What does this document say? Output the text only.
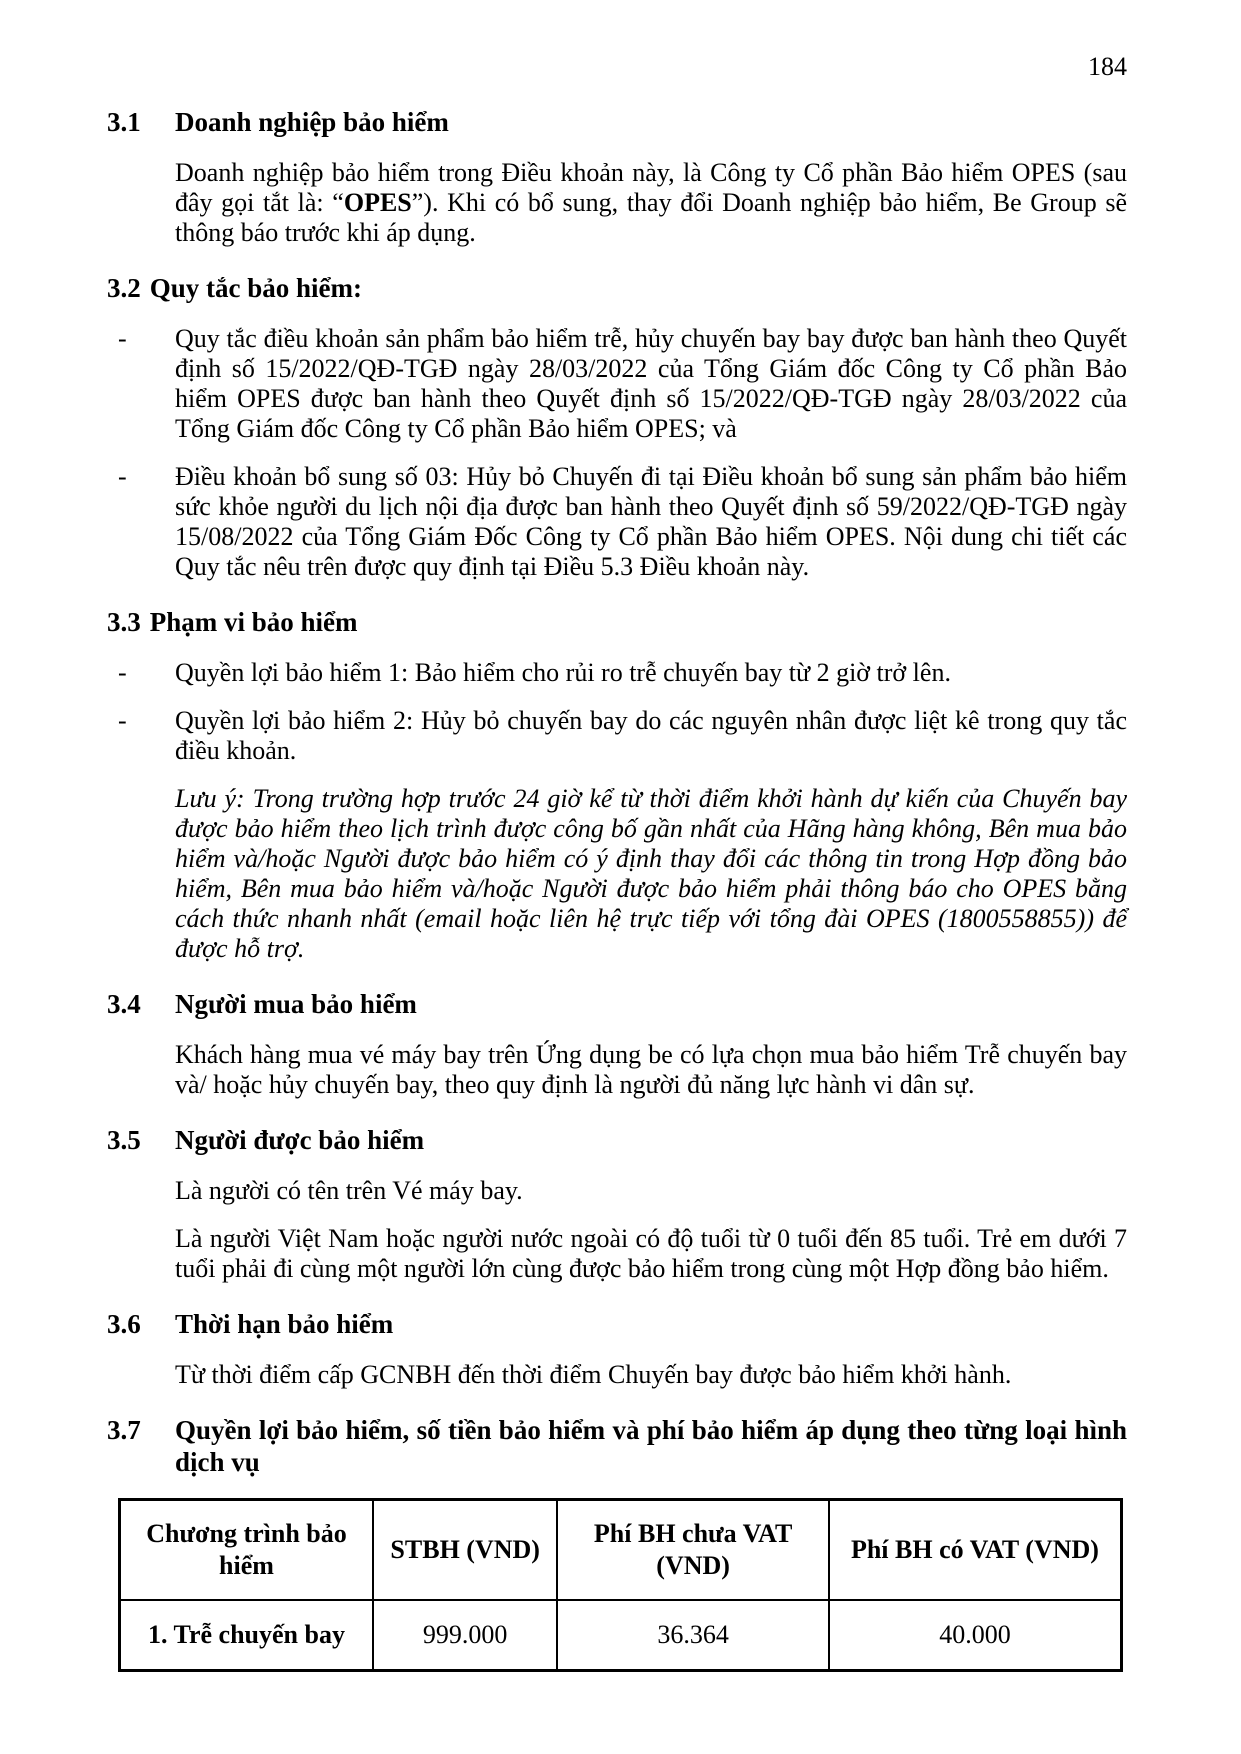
184
3.1 Doanh nghiệp bảo hiểm

Doanh nghiệp bảo hiểm trong Điều khoản này, là Công ty Cổ phần Bảo hiểm OPES (sau đây gọi tắt là: “OPES”). Khi có bổ sung, thay đổi Doanh nghiệp bảo hiểm, Be Group sẽ thông báo trước khi áp dụng.

3.2 Quy tắc bảo hiểm:
- Quy tắc điều khoản sản phẩm bảo hiểm trễ, hủy chuyến bay bay được ban hành theo Quyết định số 15/2022/QĐ-TGĐ ngày 28/03/2022 của Tổng Giám đốc Công ty Cổ phần Bảo hiểm OPES được ban hành theo Quyết định số 15/2022/QĐ-TGĐ ngày 28/03/2022 của Tổng Giám đốc Công ty Cổ phần Bảo hiểm OPES; và
- Điều khoản bổ sung số 03: Hủy bỏ Chuyến đi tại Điều khoản bổ sung sản phẩm bảo hiểm sức khỏe người du lịch nội địa được ban hành theo Quyết định số 59/2022/QĐ-TGĐ ngày 15/08/2022 của Tổng Giám Đốc Công ty Cổ phần Bảo hiểm OPES. Nội dung chi tiết các Quy tắc nêu trên được quy định tại Điều 5.3 Điều khoản này.
3.3 Phạm vi bảo hiểm
- Quyền lợi bảo hiểm 1: Bảo hiểm cho rủi ro trễ chuyến bay từ 2 giờ trở lên.
- Quyền lợi bảo hiểm 2: Hủy bỏ chuyến bay do các nguyên nhân được liệt kê trong quy tắc điều khoản.

Lưu ý: Trong trường hợp trước 24 giờ kể từ thời điểm khởi hành dự kiến của Chuyến bay được bảo hiểm theo lịch trình được công bố gần nhất của Hãng hàng không, Bên mua bảo hiểm và/hoặc Người được bảo hiểm có ý định thay đổi các thông tin trong Hợp đồng bảo hiểm, Bên mua bảo hiểm và/hoặc Người được bảo hiểm phải thông báo cho OPES bằng cách thức nhanh nhất (email hoặc liên hệ trực tiếp với tổng đài OPES (1800558855)) để được hỗ trợ.

3.4 Người mua bảo hiểm

Khách hàng mua vé máy bay trên Ứng dụng be có lựa chọn mua bảo hiểm Trễ chuyến bay và/ hoặc hủy chuyến bay, theo quy định là người đủ năng lực hành vi dân sự.

3.5 Người được bảo hiểm

Là người có tên trên Vé máy bay.

Là người Việt Nam hoặc người nước ngoài có độ tuổi từ 0 tuổi đến 85 tuổi. Trẻ em dưới 7 tuổi phải đi cùng một người lớn cùng được bảo hiểm trong cùng một Hợp đồng bảo hiểm.

3.6 Thời hạn bảo hiểm

Từ thời điểm cấp GCNBH đến thời điểm Chuyến bay được bảo hiểm khởi hành.

3.7	Quyền lợi bảo hiểm, số tiền bảo hiểm và phí bảo hiểm áp dụng theo từng loại hình dịch vụ
Chương trình bảo hiểm	STBH (VND)	Phí BH chưa VAT (VND)	Phí BH có VAT (VND)
1. Trễ chuyến bay	999.000	36.364	40.000
